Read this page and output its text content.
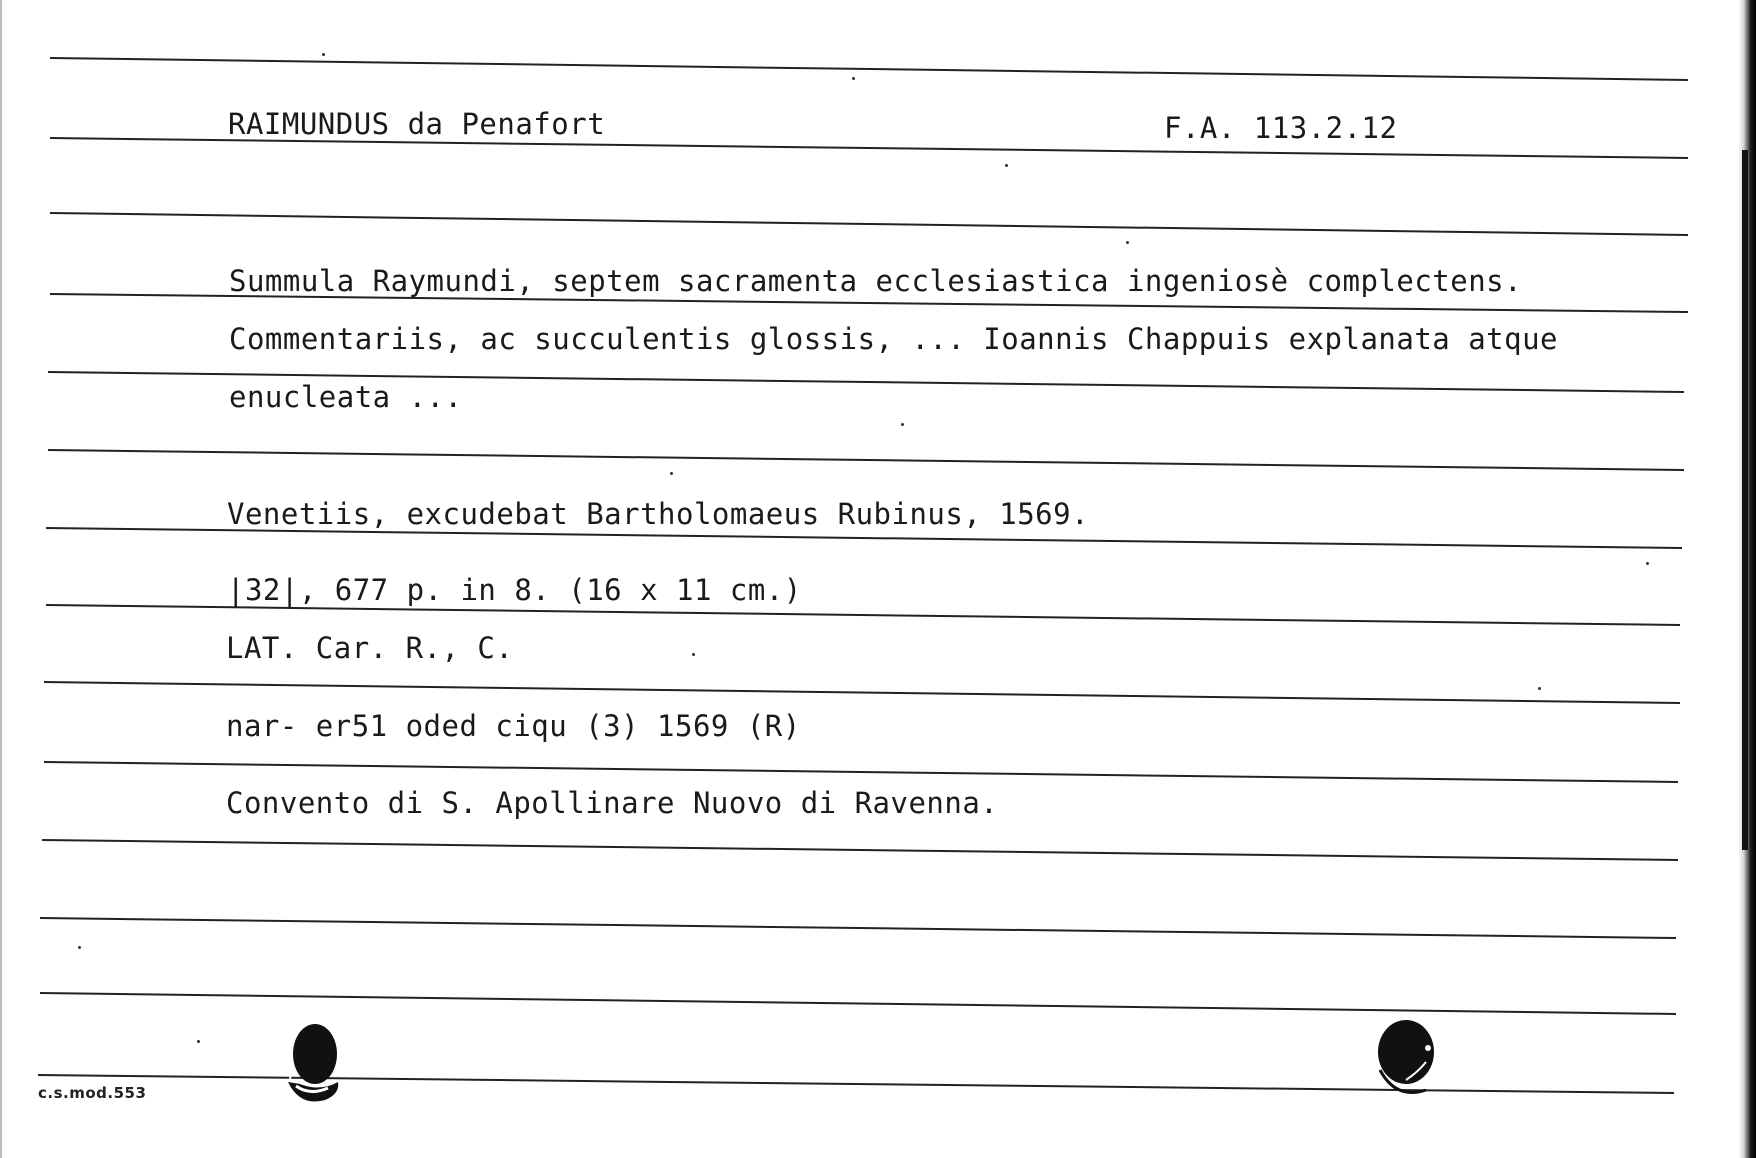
RAIMUNDUS da Penafort	F.A. 113.2.12
Summula Raymundi, septem sacramenta ecclesiastica ingeniosè complectens.
Commentariis, ac succulentis glossis, ... Ioannis Chappuis explanata atque
enucleata ...
Venetiis, excudebat Bartholomaeus Rubinus, 1569.
|32|, 677 p. in 8. (16 x 11 cm.)
LAT. Car. R., C.
nar- er51 oded ciqu (3) 1569 (R)
Convento di S. Apollinare Nuovo di Ravenna.
c.s.mod.553
